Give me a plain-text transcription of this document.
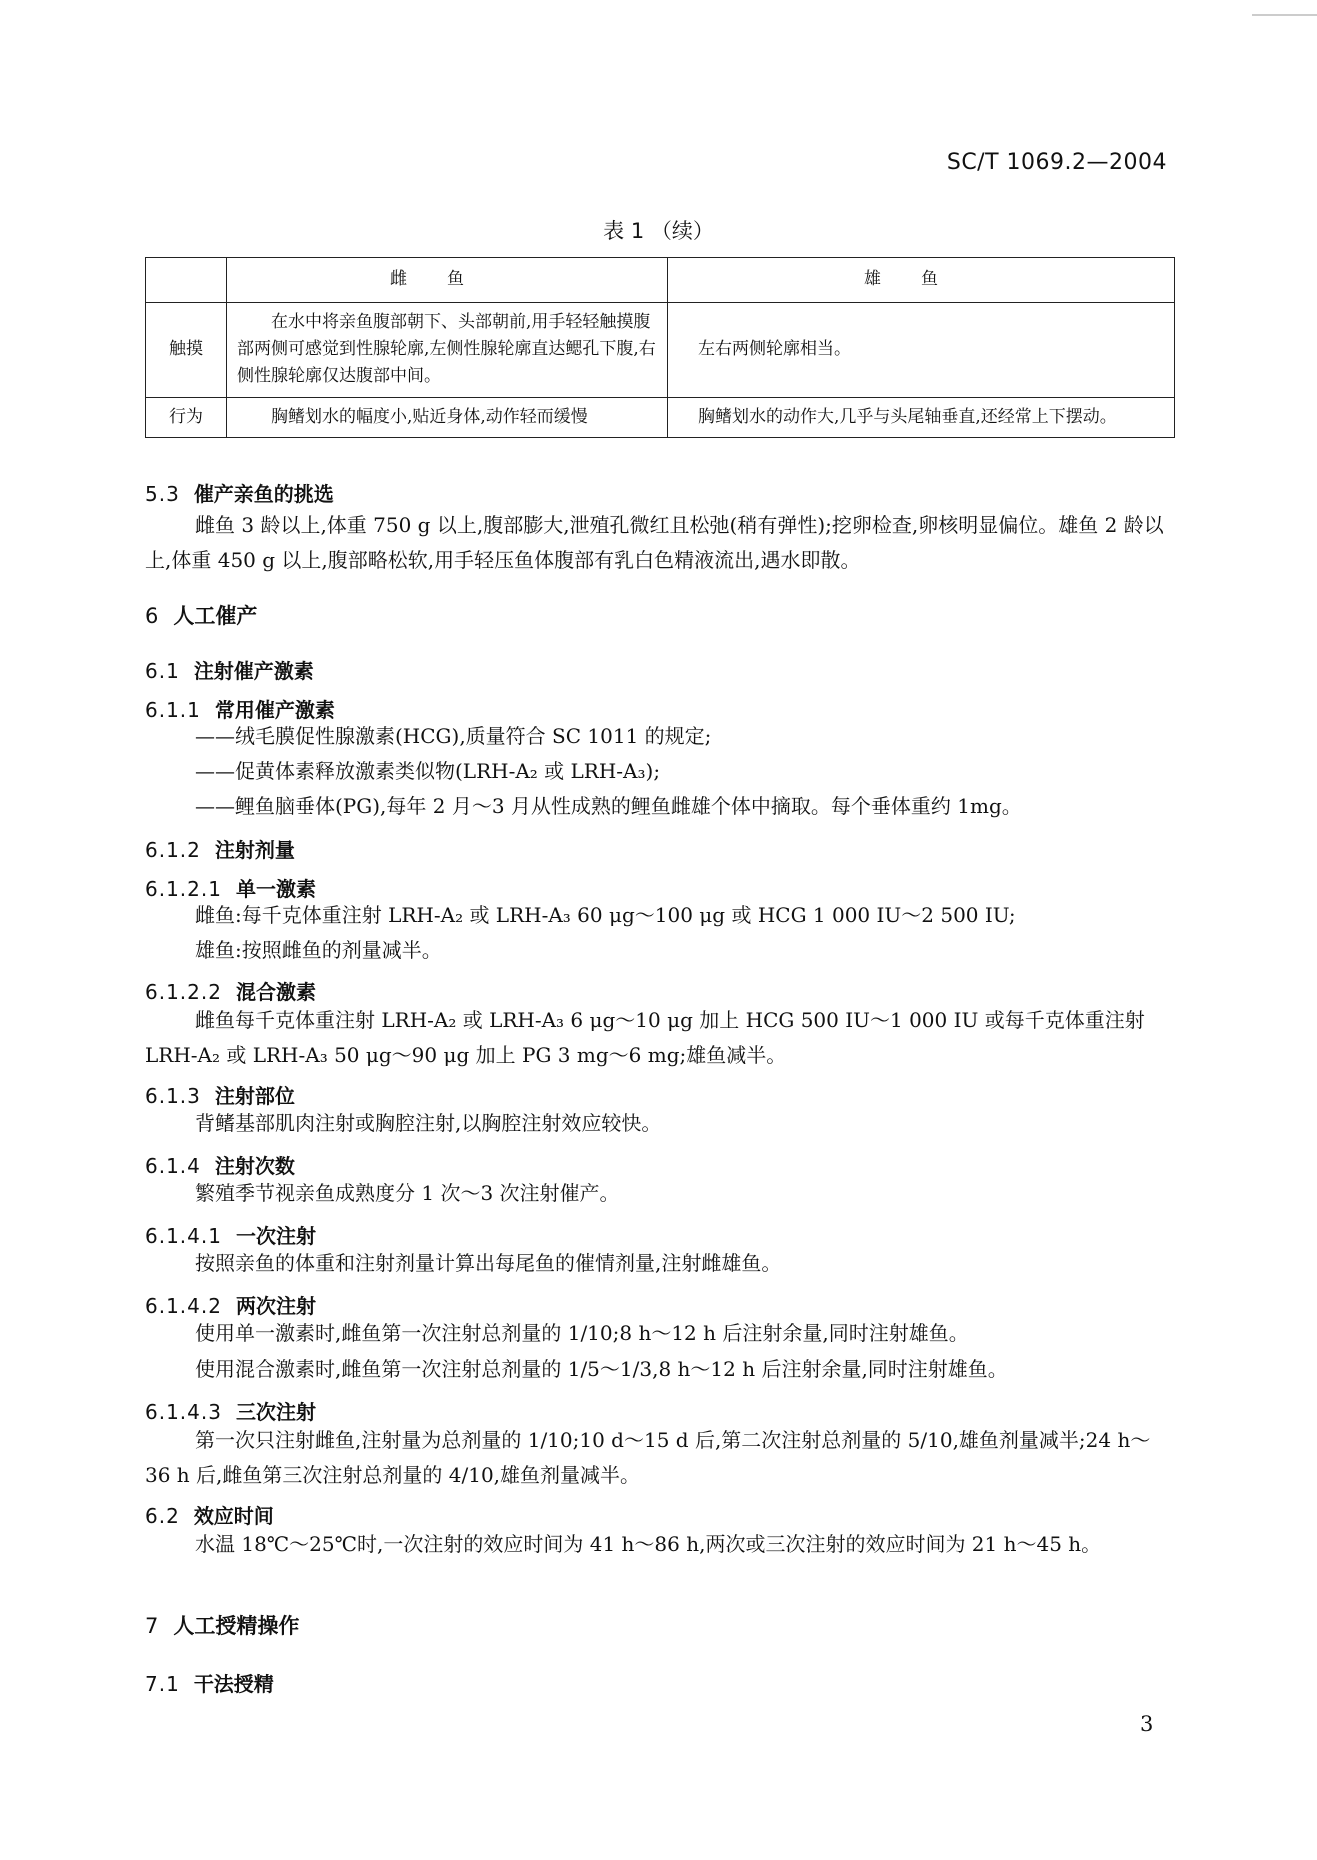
SC/T 1069.2—2004
表 1 （续）
	雌鱼	雄鱼
触摸	在水中将亲鱼腹部朝下、头部朝前,用手轻轻触摸腹部两侧可感觉到性腺轮廓,左侧性腺轮廓直达鳃孔下腹,右侧性腺轮廓仅达腹部中间。	左右两侧轮廓相当。
行为	胸鳍划水的幅度小,贴近身体,动作轻而缓慢	胸鳍划水的动作大,几乎与头尾轴垂直,还经常上下摆动。
5.3 催产亲鱼的挑选
雌鱼 3 龄以上,体重 750 g 以上,腹部膨大,泄殖孔微红且松弛(稍有弹性);挖卵检查,卵核明显偏位。雄鱼 2 龄以上,体重 450 g 以上,腹部略松软,用手轻压鱼体腹部有乳白色精液流出,遇水即散。
6 人工催产
6.1 注射催产激素
6.1.1 常用催产激素
——绒毛膜促性腺激素(HCG),质量符合 SC 1011 的规定;
——促黄体素释放激素类似物(LRH-A₂ 或 LRH-A₃);
——鲤鱼脑垂体(PG),每年 2 月～3 月从性成熟的鲤鱼雌雄个体中摘取。每个垂体重约 1mg。
6.1.2 注射剂量
6.1.2.1 单一激素
雌鱼:每千克体重注射 LRH-A₂ 或 LRH-A₃ 60 μg～100 μg 或 HCG 1 000 IU～2 500 IU;
雄鱼:按照雌鱼的剂量减半。
6.1.2.2 混合激素
雌鱼每千克体重注射 LRH-A₂ 或 LRH-A₃ 6 μg～10 μg 加上 HCG 500 IU～1 000 IU 或每千克体重注射 LRH-A₂ 或 LRH-A₃ 50 μg～90 μg 加上 PG 3 mg～6 mg;雄鱼减半。
6.1.3 注射部位
背鳍基部肌肉注射或胸腔注射,以胸腔注射效应较快。
6.1.4 注射次数
繁殖季节视亲鱼成熟度分 1 次～3 次注射催产。
6.1.4.1 一次注射
按照亲鱼的体重和注射剂量计算出每尾鱼的催情剂量,注射雌雄鱼。
6.1.4.2 两次注射
使用单一激素时,雌鱼第一次注射总剂量的 1/10;8 h～12 h 后注射余量,同时注射雄鱼。
使用混合激素时,雌鱼第一次注射总剂量的 1/5～1/3,8 h～12 h 后注射余量,同时注射雄鱼。
6.1.4.3 三次注射
第一次只注射雌鱼,注射量为总剂量的 1/10;10 d～15 d 后,第二次注射总剂量的 5/10,雄鱼剂量减半;24 h～36 h 后,雌鱼第三次注射总剂量的 4/10,雄鱼剂量减半。
6.2 效应时间
水温 18℃～25℃时,一次注射的效应时间为 41 h～86 h,两次或三次注射的效应时间为 21 h～45 h。
7 人工授精操作
7.1 干法授精
3
